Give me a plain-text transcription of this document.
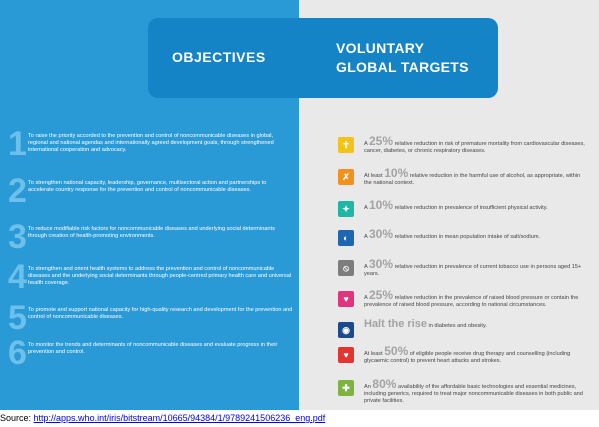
1 To raise the priority accorded to the prevention and control of noncommunicable diseases in global, regional and national agendas and internationally agreed development goals, through strengthened international cooperation and advocacy.
2 To strengthen national capacity, leadership, governance, multisectoral action and partnerships to accelerate country response for the prevention and control of noncommunicable diseases.
3 To reduce modifiable risk factors for noncommunicable diseases and underlying social determinants through creation of health-promoting environments.
4 To strengthen and orient health systems to address the prevention and control of noncommunicable diseases and the underlying social determinants through people-centred primary health care and universal health coverage.
5 To promote and support national capacity for high-quality research and development for the prevention and control of noncommunicable diseases.
6 To monitor the trends and determinants of noncommunicable diseases and evaluate progress in their prevention and control.
OBJECTIVES
VOLUNTARY
GLOBAL TARGETS
✝	A 25% relative reduction in risk of premature mortality from cardiovascular diseases, cancer, diabetes, or chronic respiratory diseases.
✗	At least 10% relative reduction in the harmful use of alcohol, as appropriate, within the national context.
✦	A 10% relative reduction in prevalence of insufficient physical activity.
◐	A 30% relative reduction in mean population intake of salt/sodium.
⦸	A 30% relative reduction in prevalence of current tobacco use in persons aged 15+ years.
♥	A 25% relative reduction in the prevalence of raised blood pressure or contain the prevalence of raised blood pressure, according to national circumstances.
◉	Halt the rise in diabetes and obesity.
♥	At least 50% of eligible people receive drug therapy and counselling (including glycaemic control) to prevent heart attacks and strokes.
✚	An 80% availability of the affordable basic technologies and essential medicines, including generics, required to treat major noncommunicable diseases in both public and private facilities.
Source: http://apps.who.int/iris/bitstream/10665/94384/1/9789241506236_eng.pdf
